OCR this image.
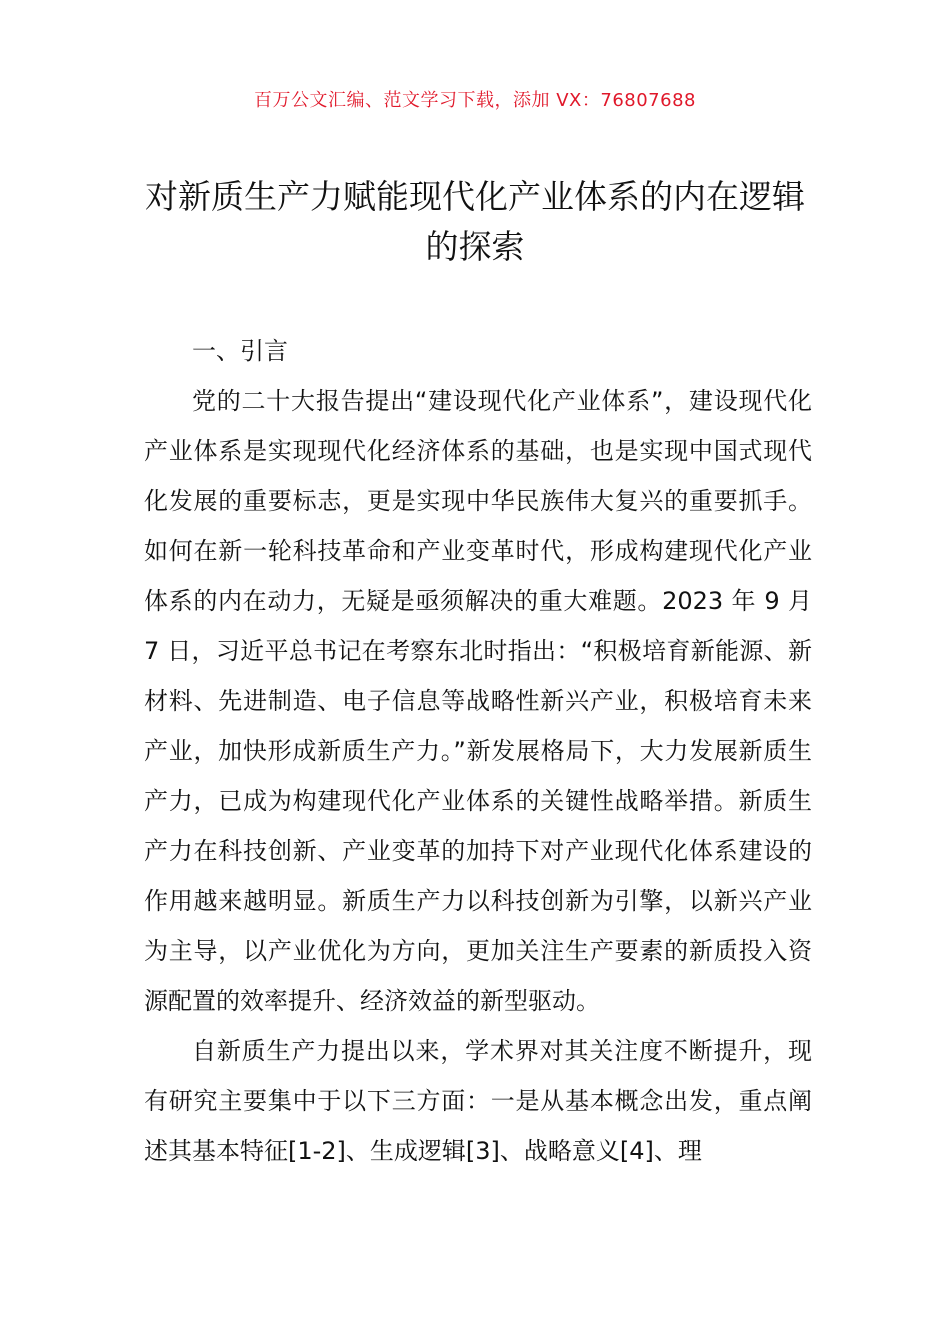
百万公文汇编、范文学习下载，添加 VX：76807688
对新质生产力赋能现代化产业体系的内在逻辑的探索

一、引言

党的二十大报告提出“建设现代化产业体系”，建设现代化产业体系是实现现代化经济体系的基础，也是实现中国式现代化发展的重要标志，更是实现中华民族伟大复兴的重要抓手。如何在新一轮科技革命和产业变革时代，形成构建现代化产业体系的内在动力，无疑是亟须解决的重大难题。2023 年 9 月 7 日，习近平总书记在考察东北时指出：“积极培育新能源、新材料、先进制造、电子信息等战略性新兴产业，积极培育未来产业，加快形成新质生产力。”新发展格局下，大力发展新质生产力，已成为构建现代化产业体系的关键性战略举措。新质生产力在科技创新、产业变革的加持下对产业现代化体系建设的作用越来越明显。新质生产力以科技创新为引擎，以新兴产业为主导，以产业优化为方向，更加关注生产要素的新质投入资源配置的效率提升、经济效益的新型驱动。

自新质生产力提出以来，学术界对其关注度不断提升，现有研究主要集中于以下三方面：一是从基本概念出发，重点阐述其基本特征[1-2]、生成逻辑[3]、战略意义[4]、理
